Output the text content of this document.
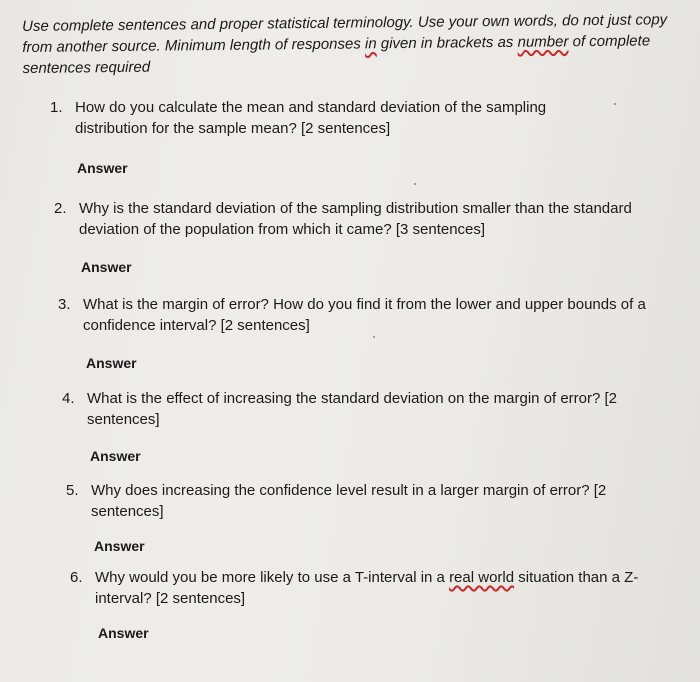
Use complete sentences and proper statistical terminology. Use your own words, do not just copy from another source. Minimum length of responses in given in brackets as number of complete sentences required
1. How do you calculate the mean and standard deviation of the sampling distribution for the sample mean? [2 sentences]
Answer
2. Why is the standard deviation of the sampling distribution smaller than the standard deviation of the population from which it came? [3 sentences]
Answer
3. What is the margin of error? How do you find it from the lower and upper bounds of a confidence interval? [2 sentences]
Answer
4. What is the effect of increasing the standard deviation on the margin of error? [2 sentences]
Answer
5. Why does increasing the confidence level result in a larger margin of error? [2 sentences]
Answer
6. Why would you be more likely to use a T-interval in a real world situation than a Z-interval? [2 sentences]
Answer
